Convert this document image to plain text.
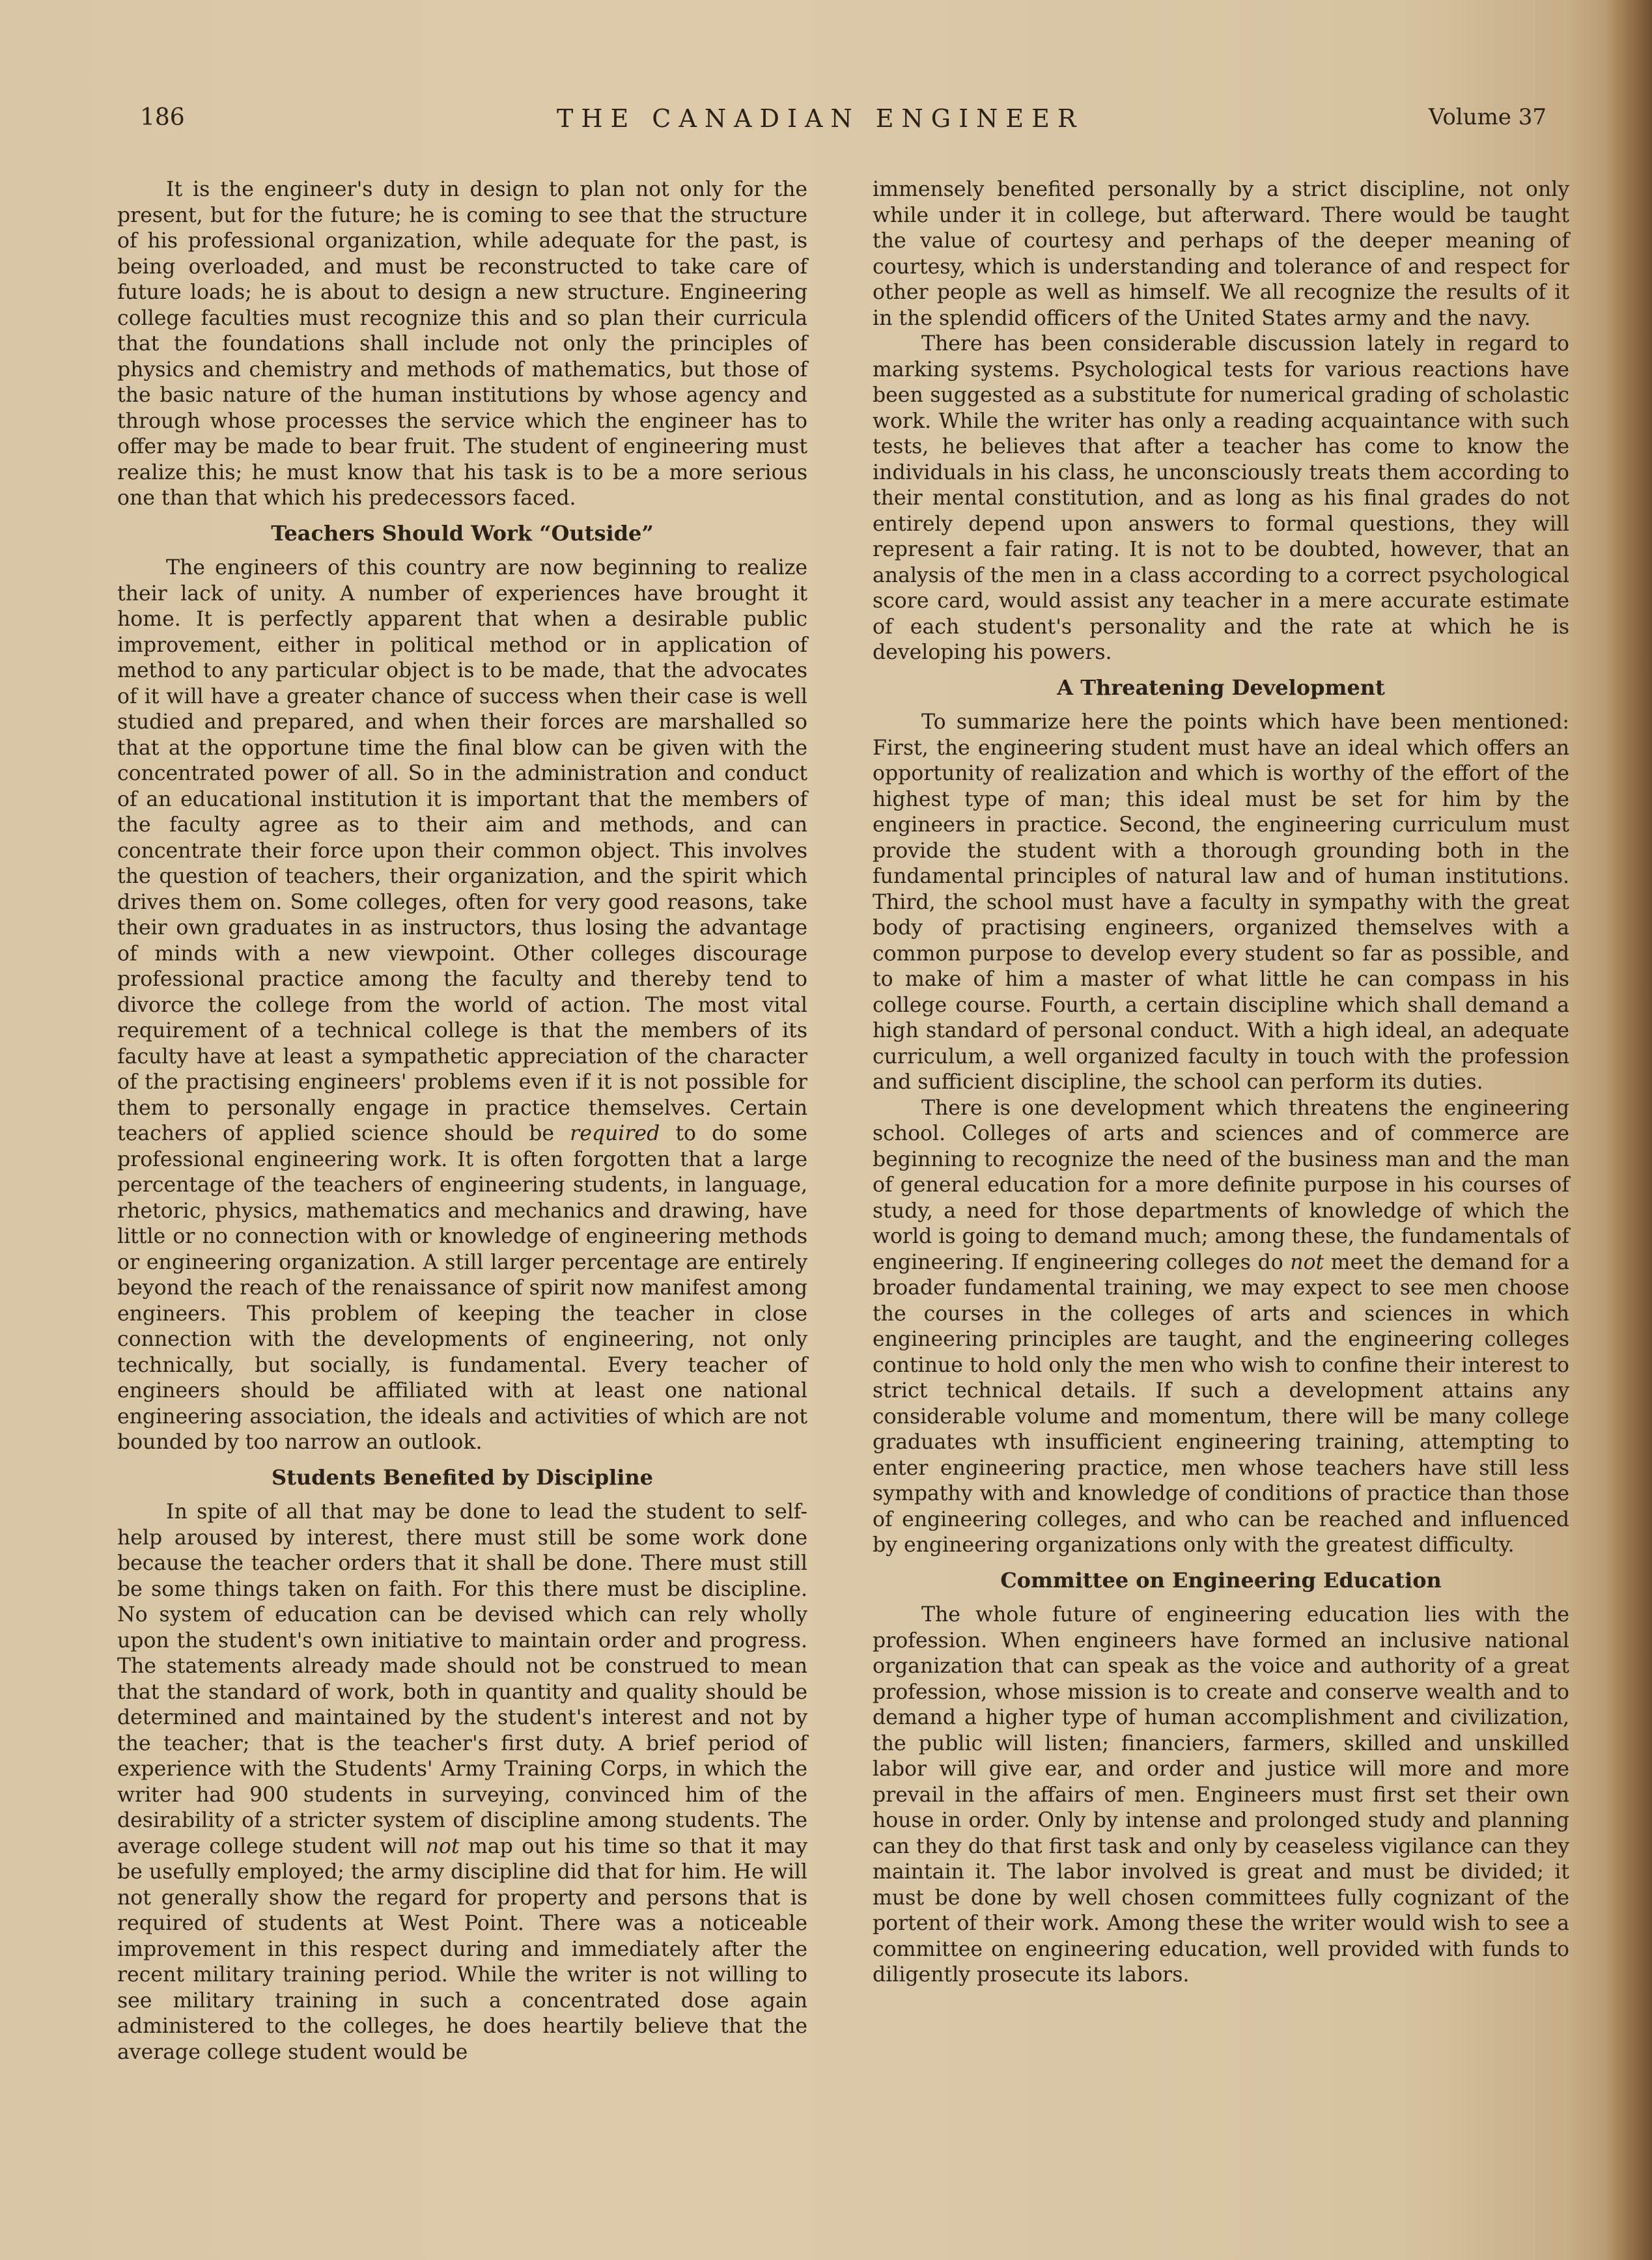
186	THE CANADIAN ENGINEER	Volume 37

It is the engineer's duty in design to plan not only for the present, but for the future; he is coming to see that the structure of his professional organization, while adequate for the past, is being overloaded, and must be reconstructed to take care of future loads; he is about to design a new structure. Engineering college faculties must recognize this and so plan their curricula that the foundations shall include not only the principles of physics and chemistry and methods of mathematics, but those of the basic nature of the human institutions by whose agency and through whose processes the service which the engineer has to offer may be made to bear fruit. The student of engineering must realize this; he must know that his task is to be a more serious one than that which his predecessors faced.

Teachers Should Work “Outside”

The engineers of this country are now beginning to realize their lack of unity. A number of experiences have brought it home. It is perfectly apparent that when a desirable public improvement, either in political method or in application of method to any particular object is to be made, that the advocates of it will have a greater chance of success when their case is well studied and prepared, and when their forces are marshalled so that at the opportune time the final blow can be given with the concentrated power of all. So in the administration and conduct of an educational institution it is important that the members of the faculty agree as to their aim and methods, and can concentrate their force upon their common object. This involves the question of teachers, their organization, and the spirit which drives them on. Some colleges, often for very good reasons, take their own graduates in as instructors, thus losing the advantage of minds with a new viewpoint. Other colleges discourage professional practice among the faculty and thereby tend to divorce the college from the world of action. The most vital requirement of a technical college is that the members of its faculty have at least a sympathetic appreciation of the character of the practising engineers' problems even if it is not possible for them to personally engage in practice themselves. Certain teachers of applied science should be required to do some professional engineering work. It is often forgotten that a large percentage of the teachers of engineering students, in language, rhetoric, physics, mathematics and mechanics and drawing, have little or no connection with or knowledge of engineering methods or engineering organization. A still larger percentage are entirely beyond the reach of the renaissance of spirit now manifest among engineers. This problem of keeping the teacher in close connection with the developments of engineering, not only technically, but socially, is fundamental. Every teacher of engineers should be affiliated with at least one national engineering association, the ideals and activities of which are not bounded by too narrow an outlook.

Students Benefited by Discipline

In spite of all that may be done to lead the student to self-help aroused by interest, there must still be some work done because the teacher orders that it shall be done. There must still be some things taken on faith. For this there must be discipline. No system of education can be devised which can rely wholly upon the student's own initiative to maintain order and progress. The statements already made should not be construed to mean that the standard of work, both in quantity and quality should be determined and maintained by the student's interest and not by the teacher; that is the teacher's first duty. A brief period of experience with the Students' Army Training Corps, in which the writer had 900 students in surveying, convinced him of the desirability of a stricter system of discipline among students. The average college student will not map out his time so that it may be usefully employed; the army discipline did that for him. He will not generally show the regard for property and persons that is required of students at West Point. There was a noticeable improvement in this respect during and immediately after the recent military training period. While the writer is not willing to see military training in such a concentrated dose again administered to the colleges, he does heartily believe that the average college student would be

immensely benefited personally by a strict discipline, not only while under it in college, but afterward. There would be taught the value of courtesy and perhaps of the deeper meaning of courtesy, which is understanding and tolerance of and respect for other people as well as himself. We all recognize the results of it in the splendid officers of the United States army and the navy.

There has been considerable discussion lately in regard to marking systems. Psychological tests for various reactions have been suggested as a substitute for numerical grading of scholastic work. While the writer has only a reading acquaintance with such tests, he believes that after a teacher has come to know the individuals in his class, he unconsciously treats them according to their mental constitution, and as long as his final grades do not entirely depend upon answers to formal questions, they will represent a fair rating. It is not to be doubted, however, that an analysis of the men in a class according to a correct psychological score card, would assist any teacher in a mere accurate estimate of each student's personality and the rate at which he is developing his powers.

A Threatening Development

To summarize here the points which have been mentioned: First, the engineering student must have an ideal which offers an opportunity of realization and which is worthy of the effort of the highest type of man; this ideal must be set for him by the engineers in practice. Second, the engineering curriculum must provide the student with a thorough grounding both in the fundamental principles of natural law and of human institutions. Third, the school must have a faculty in sympathy with the great body of practising engineers, organized themselves with a common purpose to develop every student so far as possible, and to make of him a master of what little he can compass in his college course. Fourth, a certain discipline which shall demand a high standard of personal conduct. With a high ideal, an adequate curriculum, a well organized faculty in touch with the profession and sufficient discipline, the school can perform its duties.

There is one development which threatens the engineering school. Colleges of arts and sciences and of commerce are beginning to recognize the need of the business man and the man of general education for a more definite purpose in his courses of study, a need for those departments of knowledge of which the world is going to demand much; among these, the fundamentals of engineering. If engineering colleges do not meet the demand for a broader fundamental training, we may expect to see men choose the courses in the colleges of arts and sciences in which engineering principles are taught, and the engineering colleges continue to hold only the men who wish to confine their interest to strict technical details. If such a development attains any considerable volume and momentum, there will be many college graduates wth insufficient engineering training, attempting to enter engineering practice, men whose teachers have still less sympathy with and knowledge of conditions of practice than those of engineering colleges, and who can be reached and influenced by engineering organizations only with the greatest difficulty.

Committee on Engineering Education

The whole future of engineering education lies with the profession. When engineers have formed an inclusive national organization that can speak as the voice and authority of a great profession, whose mission is to create and conserve wealth and to demand a higher type of human accomplishment and civilization, the public will listen; financiers, farmers, skilled and unskilled labor will give ear, and order and justice will more and more prevail in the affairs of men. Engineers must first set their own house in order. Only by intense and prolonged study and planning can they do that first task and only by ceaseless vigilance can they maintain it. The labor involved is great and must be divided; it must be done by well chosen committees fully cognizant of the portent of their work. Among these the writer would wish to see a committee on engineering education, well provided with funds to diligently prosecute its labors.
